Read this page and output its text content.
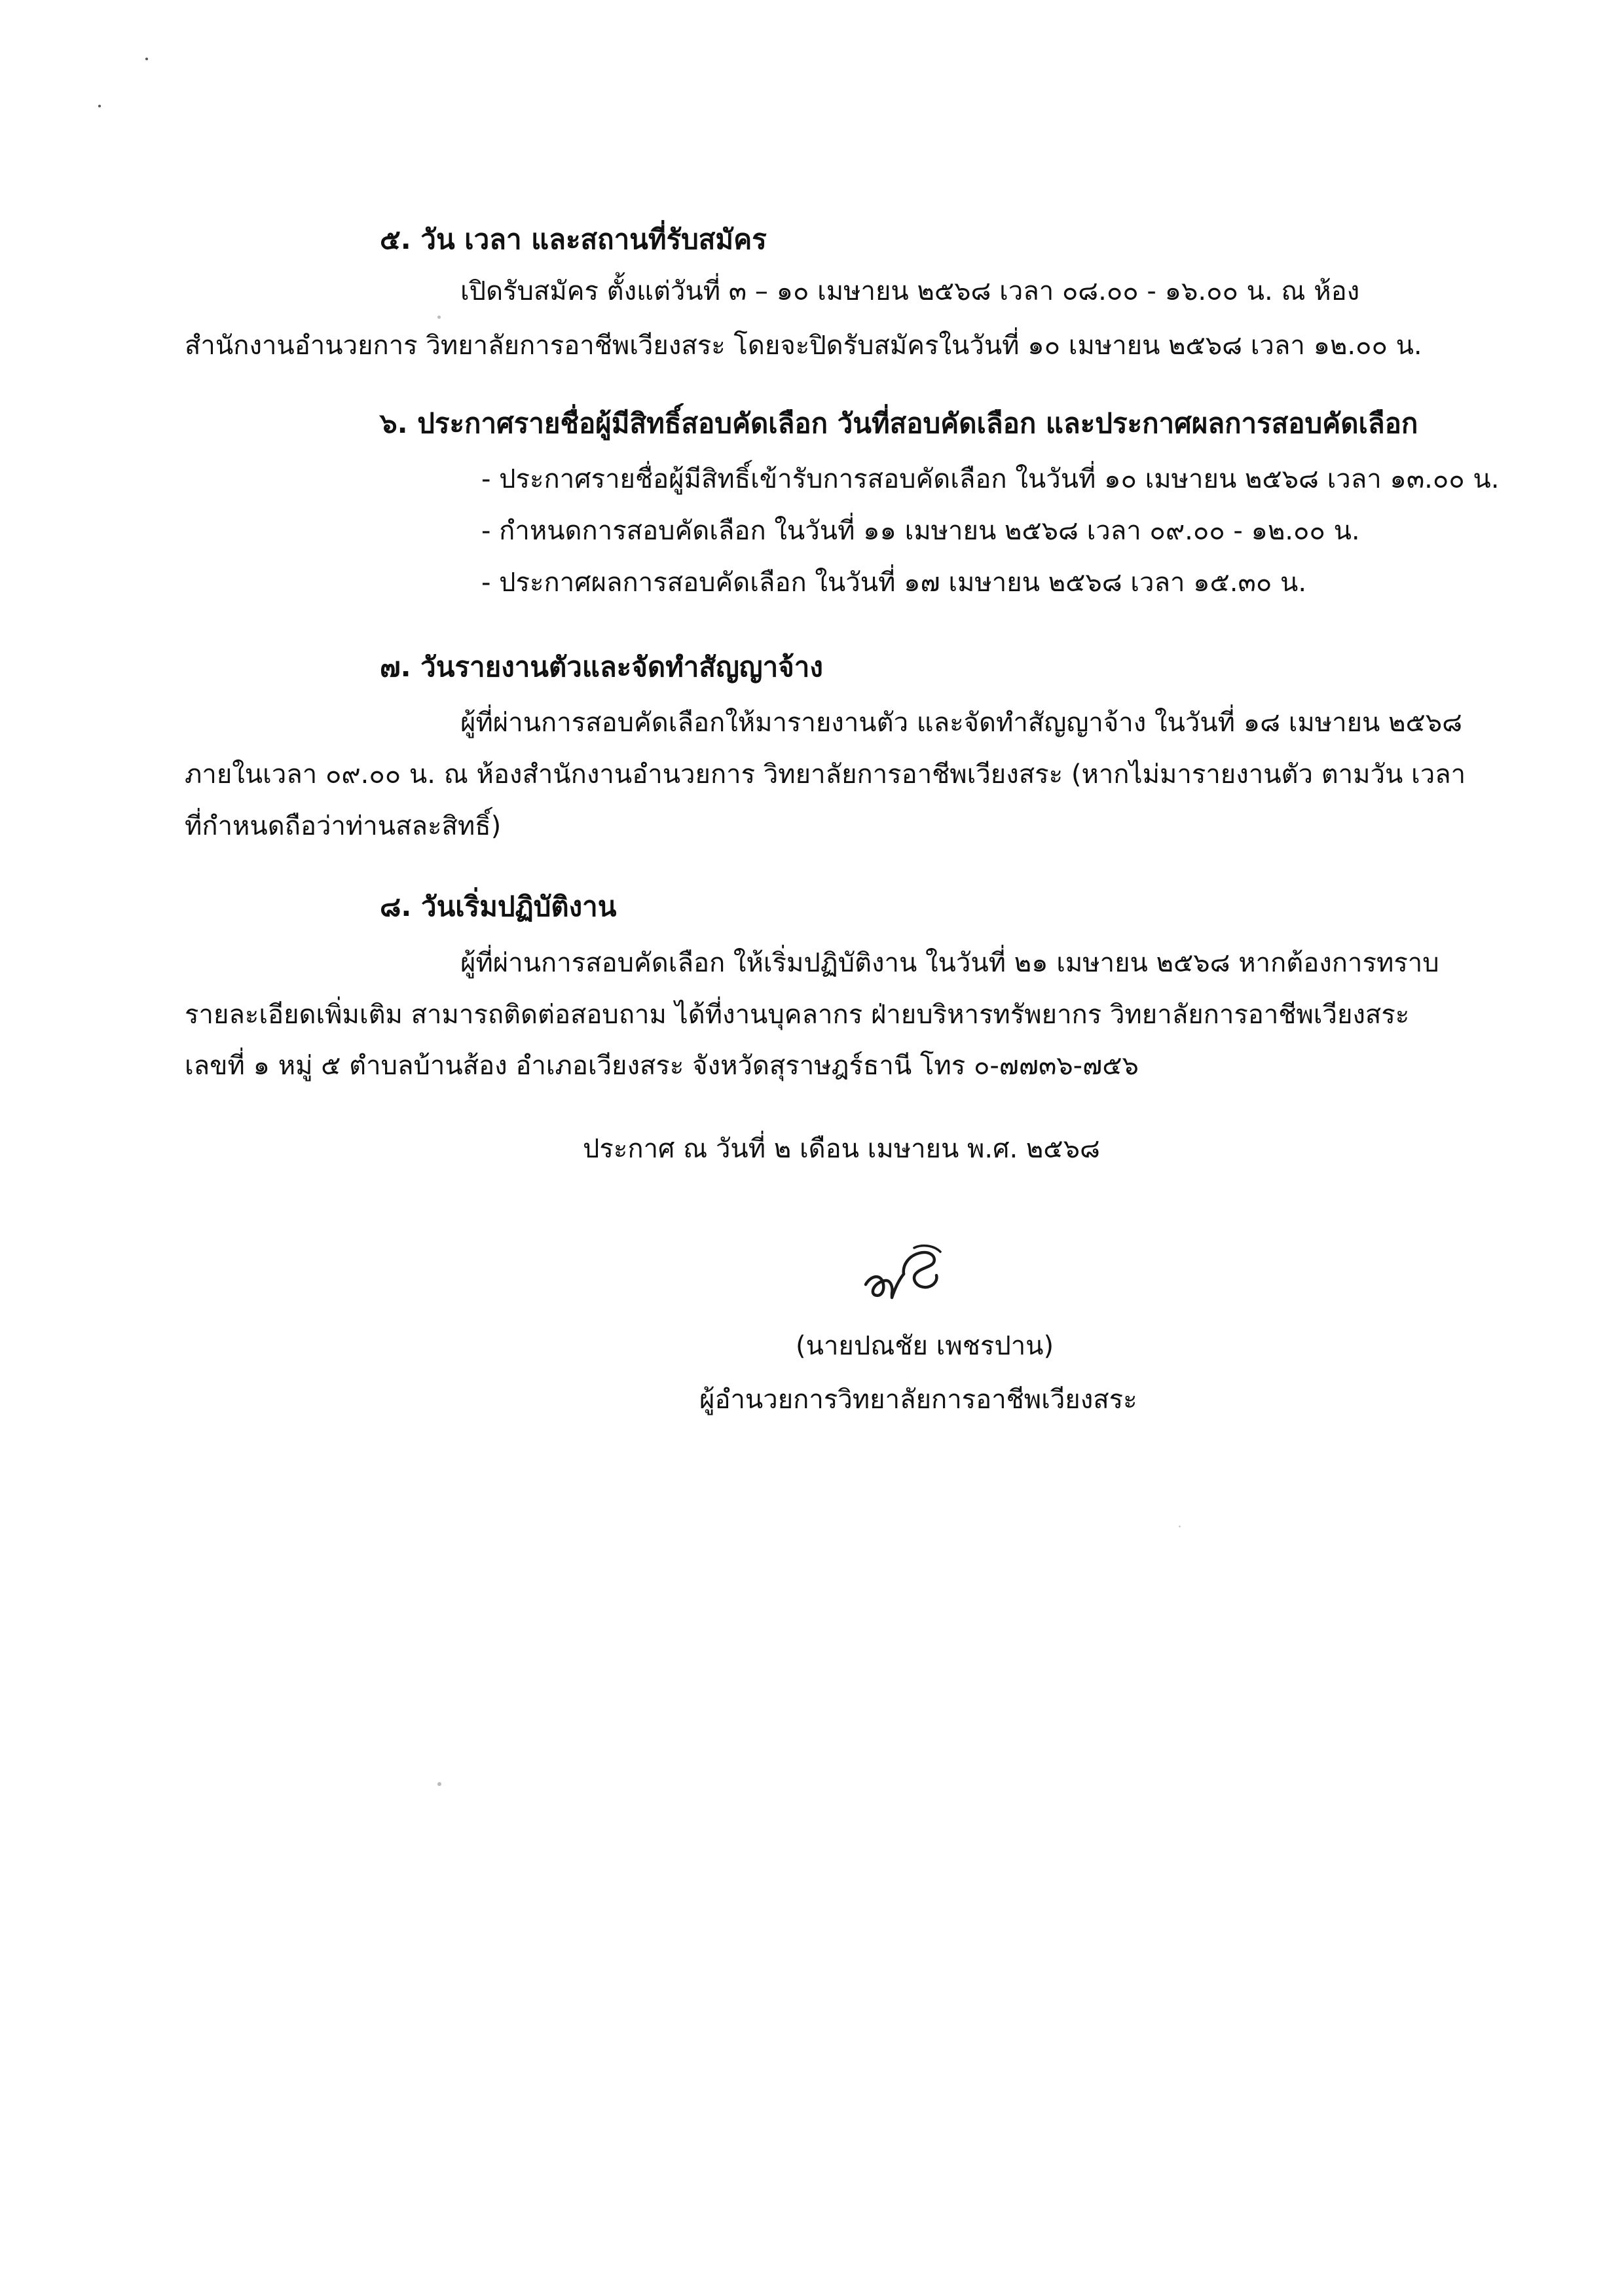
๕. วัน เวลา และสถานที่รับสมัคร
เปิดรับสมัคร ตั้งแต่วันที่ ๓ – ๑๐ เมษายน ๒๕๖๘ เวลา ๐๘.๐๐ - ๑๖.๐๐ น. ณ ห้อง
สำนักงานอำนวยการ วิทยาลัยการอาชีพเวียงสระ โดยจะปิดรับสมัครในวันที่ ๑๐ เมษายน ๒๕๖๘ เวลา ๑๒.๐๐ น.
๖. ประกาศรายชื่อผู้มีสิทธิ์สอบคัดเลือก วันที่สอบคัดเลือก และประกาศผลการสอบคัดเลือก
- ประกาศรายชื่อผู้มีสิทธิ์เข้ารับการสอบคัดเลือก ในวันที่ ๑๐ เมษายน ๒๕๖๘ เวลา ๑๓.๐๐ น.
- กำหนดการสอบคัดเลือก ในวันที่ ๑๑ เมษายน ๒๕๖๘ เวลา ๐๙.๐๐ - ๑๒.๐๐ น.
- ประกาศผลการสอบคัดเลือก ในวันที่ ๑๗ เมษายน ๒๕๖๘ เวลา ๑๕.๓๐ น.
๗. วันรายงานตัวและจัดทำสัญญาจ้าง
ผู้ที่ผ่านการสอบคัดเลือกให้มารายงานตัว และจัดทำสัญญาจ้าง ในวันที่ ๑๘ เมษายน ๒๕๖๘
ภายในเวลา ๐๙.๐๐ น. ณ ห้องสำนักงานอำนวยการ วิทยาลัยการอาชีพเวียงสระ (หากไม่มารายงานตัว ตามวัน เวลา
ที่กำหนดถือว่าท่านสละสิทธิ์)
๘. วันเริ่มปฏิบัติงาน
ผู้ที่ผ่านการสอบคัดเลือก ให้เริ่มปฏิบัติงาน ในวันที่ ๒๑ เมษายน ๒๕๖๘ หากต้องการทราบ
รายละเอียดเพิ่มเติม สามารถติดต่อสอบถาม ได้ที่งานบุคลากร ฝ่ายบริหารทรัพยากร วิทยาลัยการอาชีพเวียงสระ
เลขที่ ๑ หมู่ ๕ ตำบลบ้านส้อง อำเภอเวียงสระ จังหวัดสุราษฎร์ธานี โทร ๐-๗๗๓๖-๗๕๖
ประกาศ ณ วันที่ ๒ เดือน เมษายน พ.ศ. ๒๕๖๘
(นายปณชัย เพชรปาน)
ผู้อำนวยการวิทยาลัยการอาชีพเวียงสระ
